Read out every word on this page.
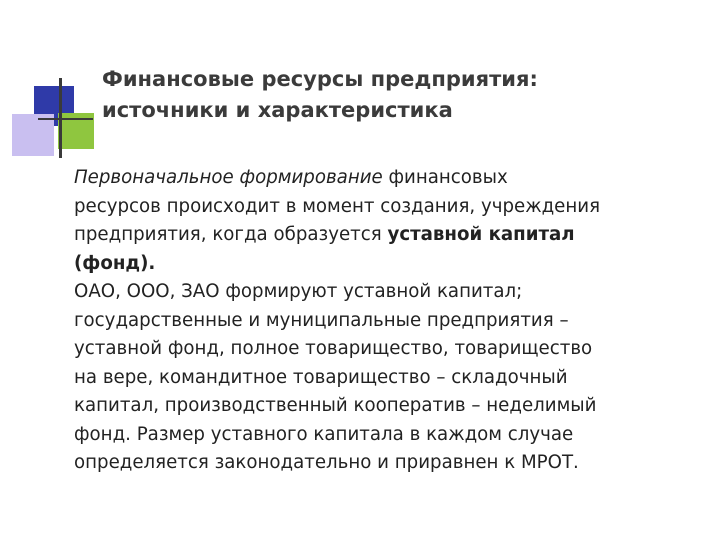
Финансовые ресурсы предприятия:
источники и характеристика
Первоначальное формирование финансовых
ресурсов происходит в момент создания, учреждения
предприятия, когда образуется уставной капитал
(фонд).
ОАО, ООО, ЗАО формируют уставной капитал;
государственные и муниципальные предприятия –
уставной фонд, полное товарищество, товарищество
на вере, командитное товарищество – складочный
капитал, производственный кооператив – неделимый
фонд. Размер уставного капитала в каждом случае
определяется законодательно и приравнен к МРОТ.
